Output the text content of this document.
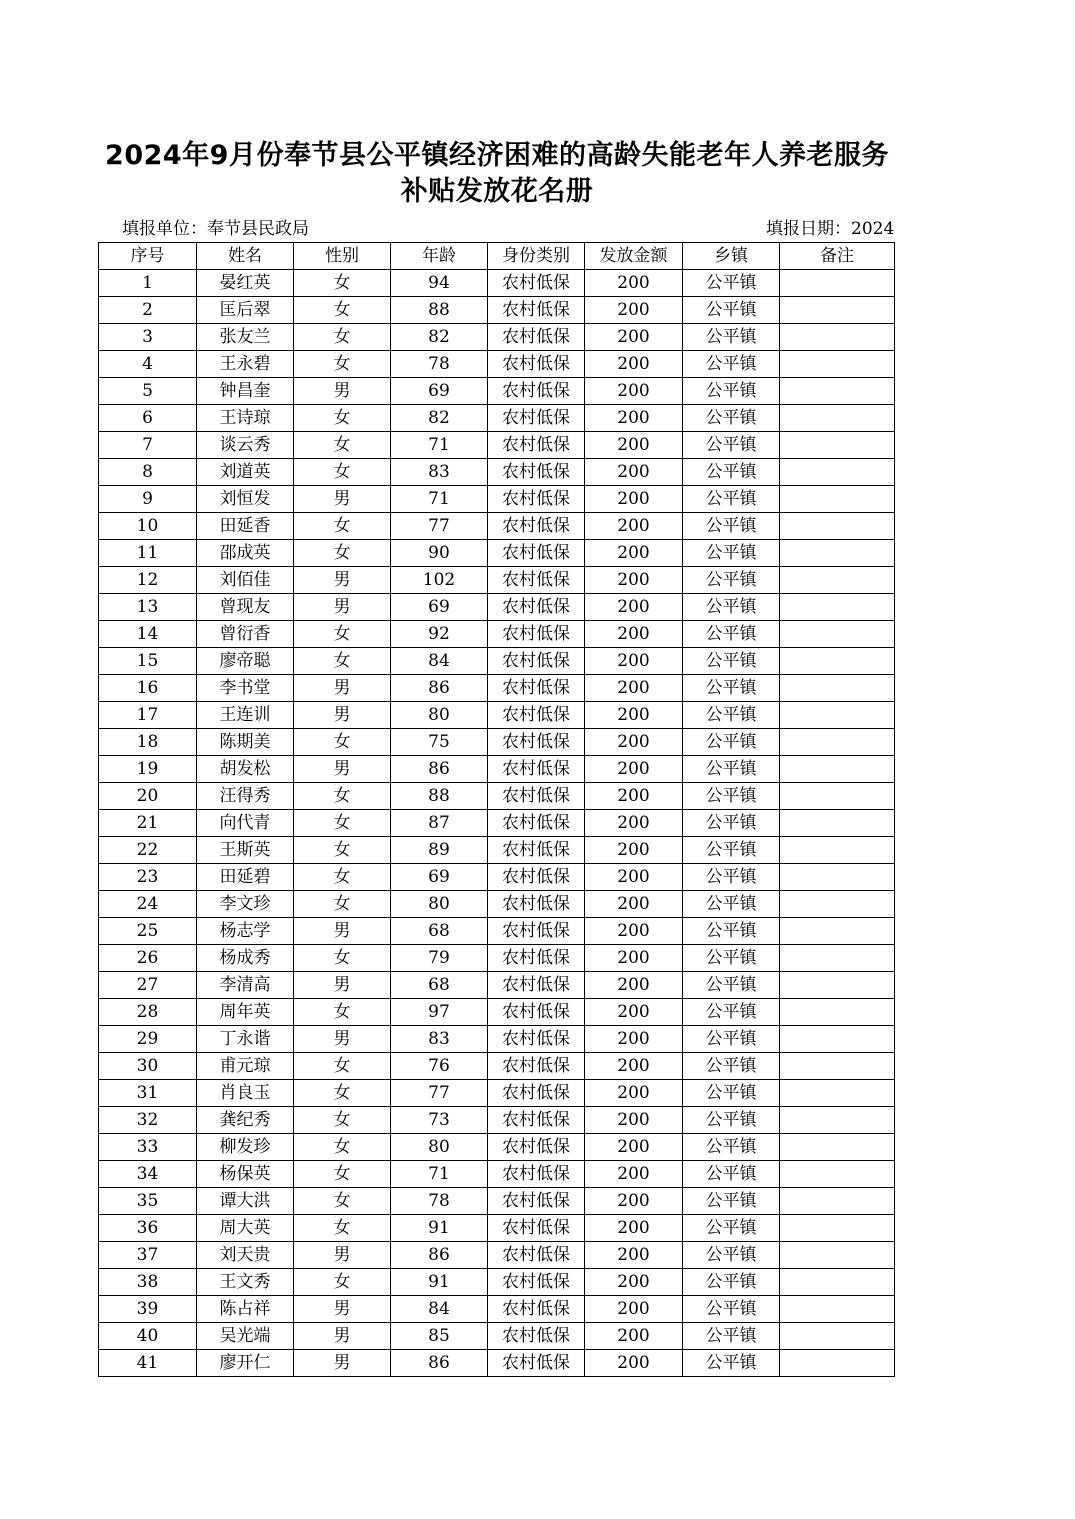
2024年9月份奉节县公平镇经济困难的高龄失能老年人养老服务补贴发放花名册
填报单位：奉节县民政局	填报日期：2024
序号	姓名	性别	年龄	身份类别	发放金额	乡镇	备注
1	晏红英	女	94	农村低保	200	公平镇	
2	匡后翠	女	88	农村低保	200	公平镇	
3	张友兰	女	82	农村低保	200	公平镇	
4	王永碧	女	78	农村低保	200	公平镇	
5	钟昌奎	男	69	农村低保	200	公平镇	
6	王诗琼	女	82	农村低保	200	公平镇	
7	谈云秀	女	71	农村低保	200	公平镇	
8	刘道英	女	83	农村低保	200	公平镇	
9	刘恒发	男	71	农村低保	200	公平镇	
10	田延香	女	77	农村低保	200	公平镇	
11	邵成英	女	90	农村低保	200	公平镇	
12	刘佰佳	男	102	农村低保	200	公平镇	
13	曾现友	男	69	农村低保	200	公平镇	
14	曾衍香	女	92	农村低保	200	公平镇	
15	廖帝聪	女	84	农村低保	200	公平镇	
16	李书堂	男	86	农村低保	200	公平镇	
17	王连训	男	80	农村低保	200	公平镇	
18	陈期美	女	75	农村低保	200	公平镇	
19	胡发松	男	86	农村低保	200	公平镇	
20	汪得秀	女	88	农村低保	200	公平镇	
21	向代青	女	87	农村低保	200	公平镇	
22	王斯英	女	89	农村低保	200	公平镇	
23	田延碧	女	69	农村低保	200	公平镇	
24	李文珍	女	80	农村低保	200	公平镇	
25	杨志学	男	68	农村低保	200	公平镇	
26	杨成秀	女	79	农村低保	200	公平镇	
27	李清高	男	68	农村低保	200	公平镇	
28	周年英	女	97	农村低保	200	公平镇	
29	丁永谐	男	83	农村低保	200	公平镇	
30	甫元琼	女	76	农村低保	200	公平镇	
31	肖良玉	女	77	农村低保	200	公平镇	
32	龚纪秀	女	73	农村低保	200	公平镇	
33	柳发珍	女	80	农村低保	200	公平镇	
34	杨保英	女	71	农村低保	200	公平镇	
35	谭大洪	女	78	农村低保	200	公平镇	
36	周大英	女	91	农村低保	200	公平镇	
37	刘天贵	男	86	农村低保	200	公平镇	
38	王文秀	女	91	农村低保	200	公平镇	
39	陈占祥	男	84	农村低保	200	公平镇	
40	吴光端	男	85	农村低保	200	公平镇	
41	廖开仁	男	86	农村低保	200	公平镇	
